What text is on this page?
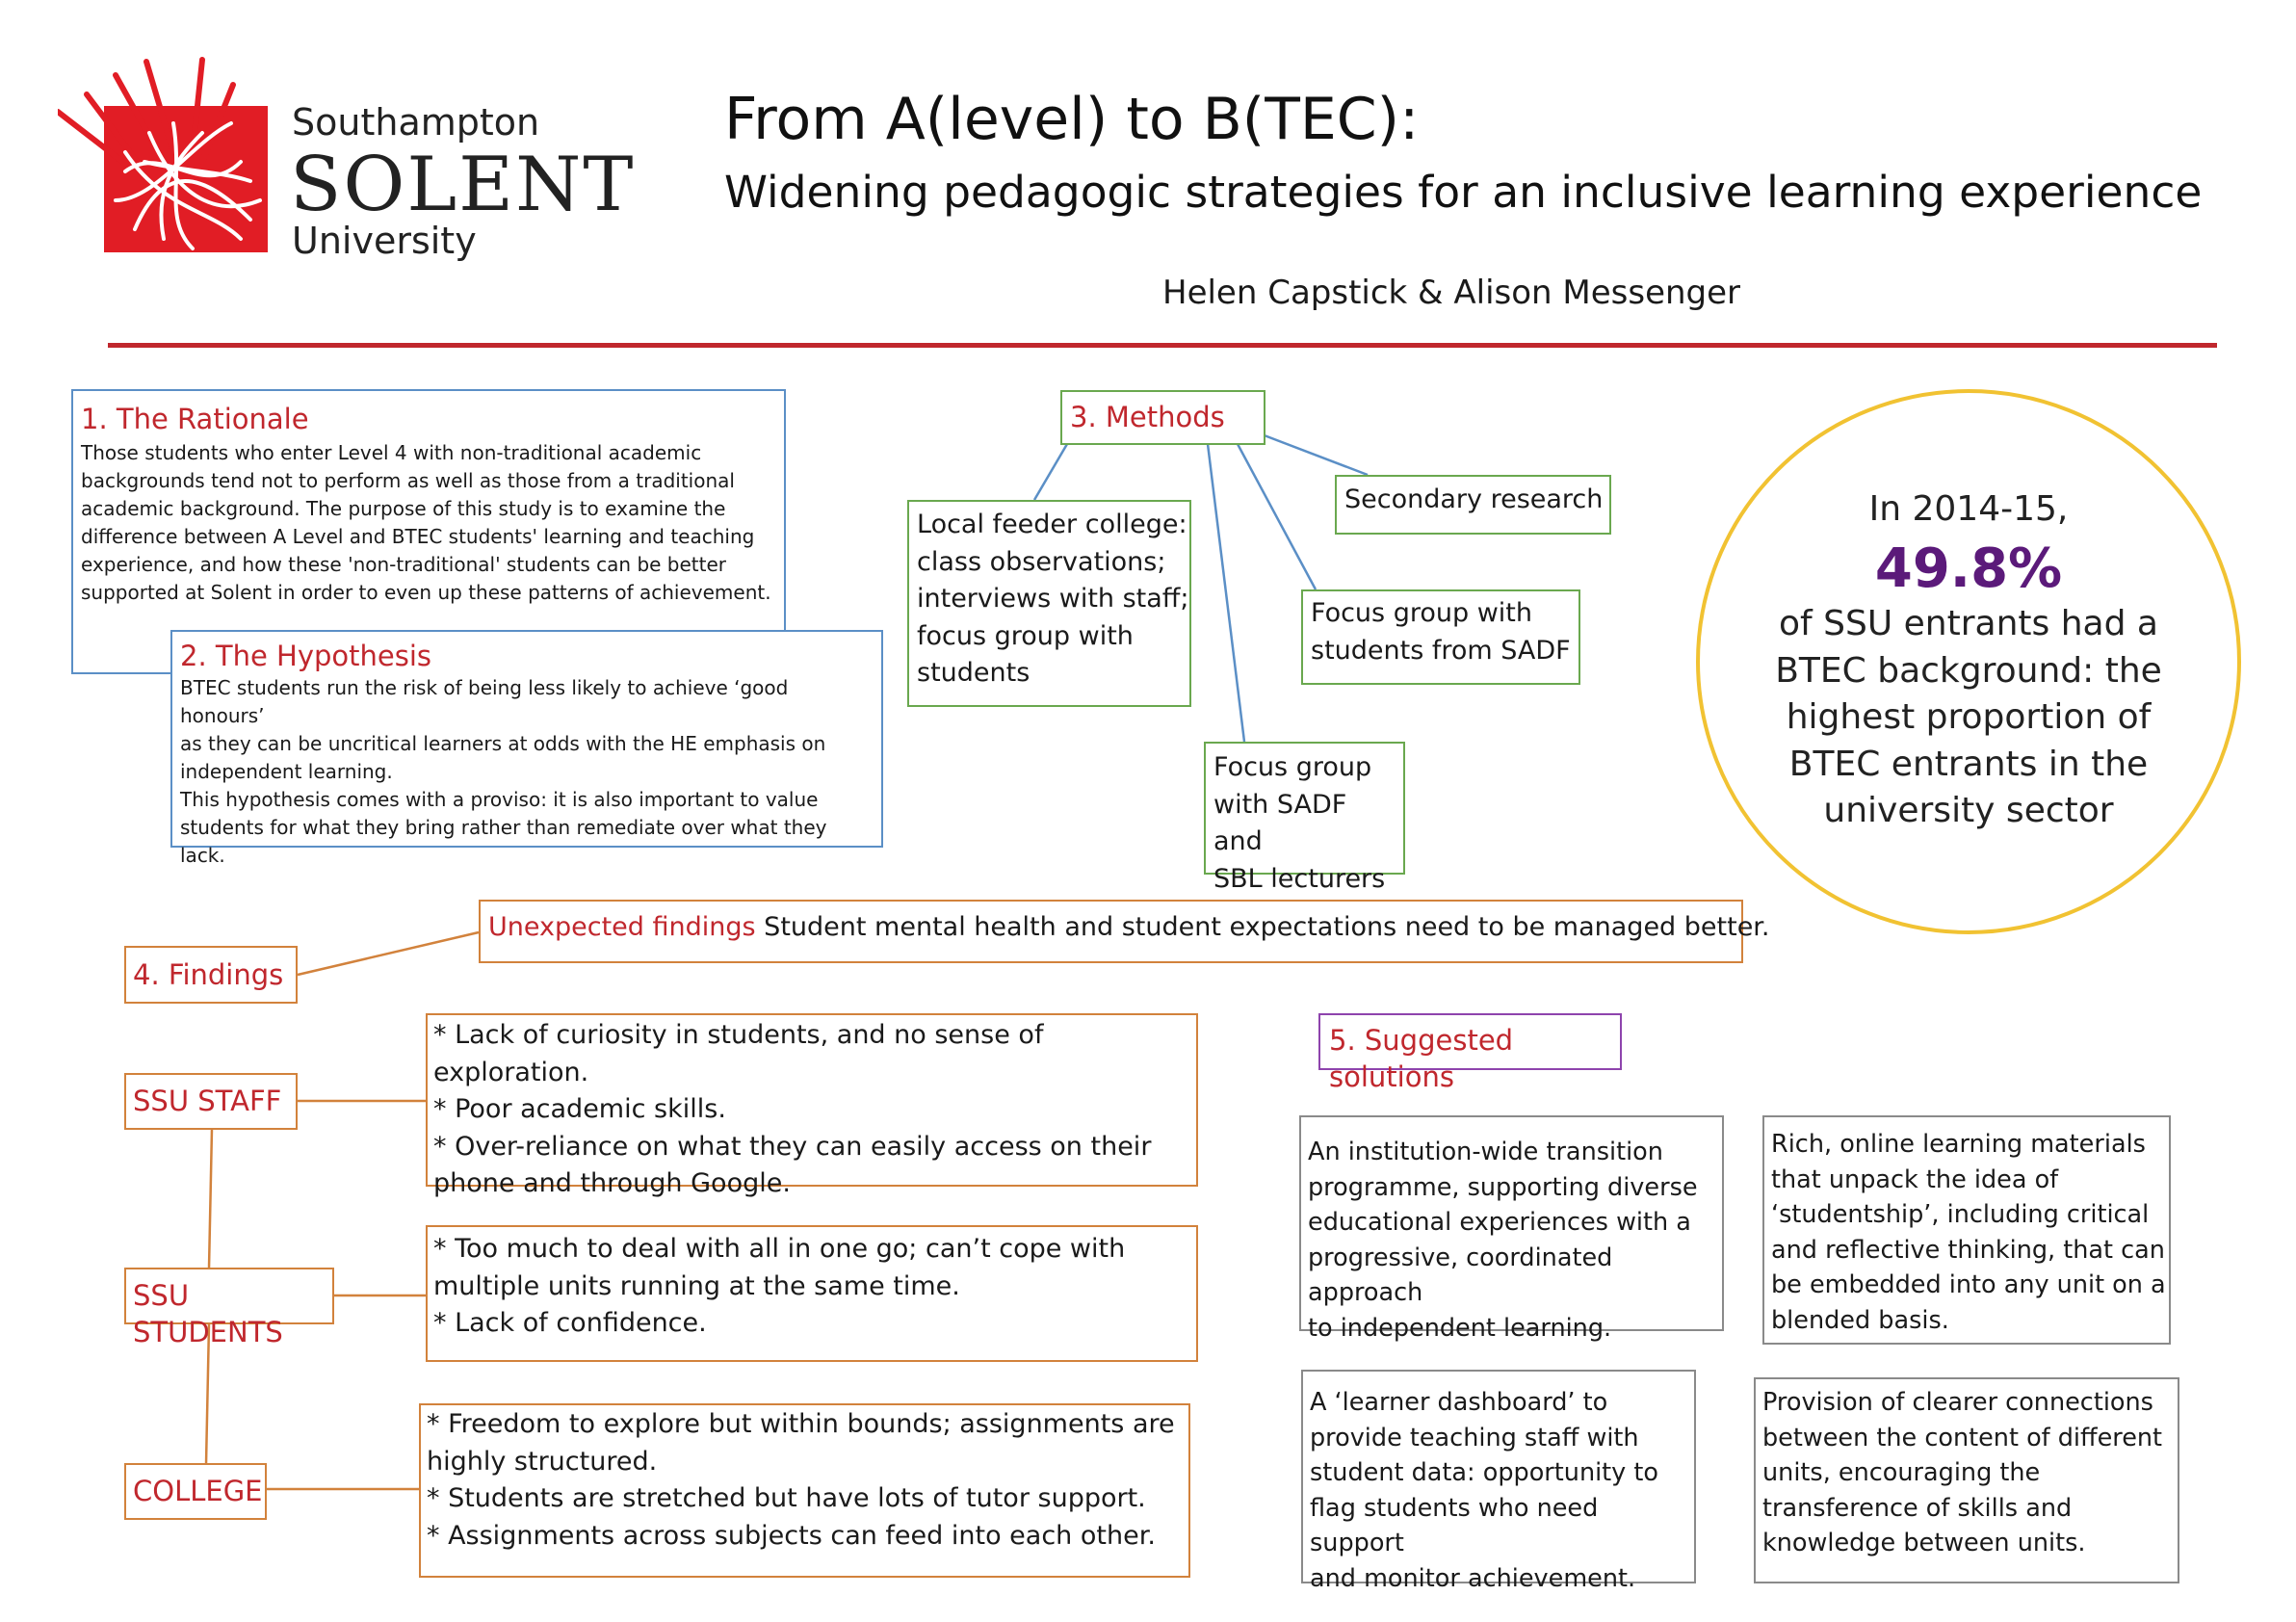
Southampton
SOLENT
University
From A(level) to B(TEC):
Widening pedagogic strategies for an inclusive learning experience
Helen Capstick & Alison Messenger
1. The Rationale
Those students who enter Level 4 with non-traditional academic
backgrounds tend not to perform as well as those from a traditional
academic background. The purpose of this study is to examine the
difference between A Level and BTEC students' learning and teaching
experience, and how these 'non-traditional' students can be better
supported at Solent in order to even up these patterns of achievement.
2. The Hypothesis
BTEC students run the risk of being less likely to achieve ‘good honours’
as they can be uncritical learners at odds with the HE emphasis on
independent learning.
This hypothesis comes with a proviso: it is also important to value
students for what they bring rather than remediate over what they lack.
3. Methods
Local feeder college:
class observations;
interviews with staff;
focus group with
students
Secondary research
Focus group with
students from SADF
Focus group
with SADF and
SBL lecturers
In 2014-15,
49.8%
of SSU entrants had a
BTEC background: the
highest proportion of
BTEC entrants in the
university sector
4. Findings
Unexpected findings Student mental health and student expectations need to be managed better.
SSU STAFF
* Lack of curiosity in students, and no sense of exploration.
* Poor academic skills.
* Over-reliance on what they can easily access on their
phone and through Google.
SSU STUDENTS
* Too much to deal with all in one go; can’t cope with
multiple units running at the same time.
* Lack of confidence.
COLLEGE
* Freedom to explore but within bounds; assignments are
highly structured.
* Students are stretched but have lots of tutor support.
* Assignments across subjects can feed into each other.
5. Suggested solutions
An institution-wide transition
programme, supporting diverse
educational experiences with a
progressive, coordinated approach
to independent learning.
Rich, online learning materials
that unpack the idea of
‘studentship’, including critical
and reflective thinking, that can
be embedded into any unit on a
blended basis.
A ‘learner dashboard’ to
provide teaching staff with
student data: opportunity to
flag students who need support
and monitor achievement.
Provision of clearer connections
between the content of different
units, encouraging the
transference of skills and
knowledge between units.
